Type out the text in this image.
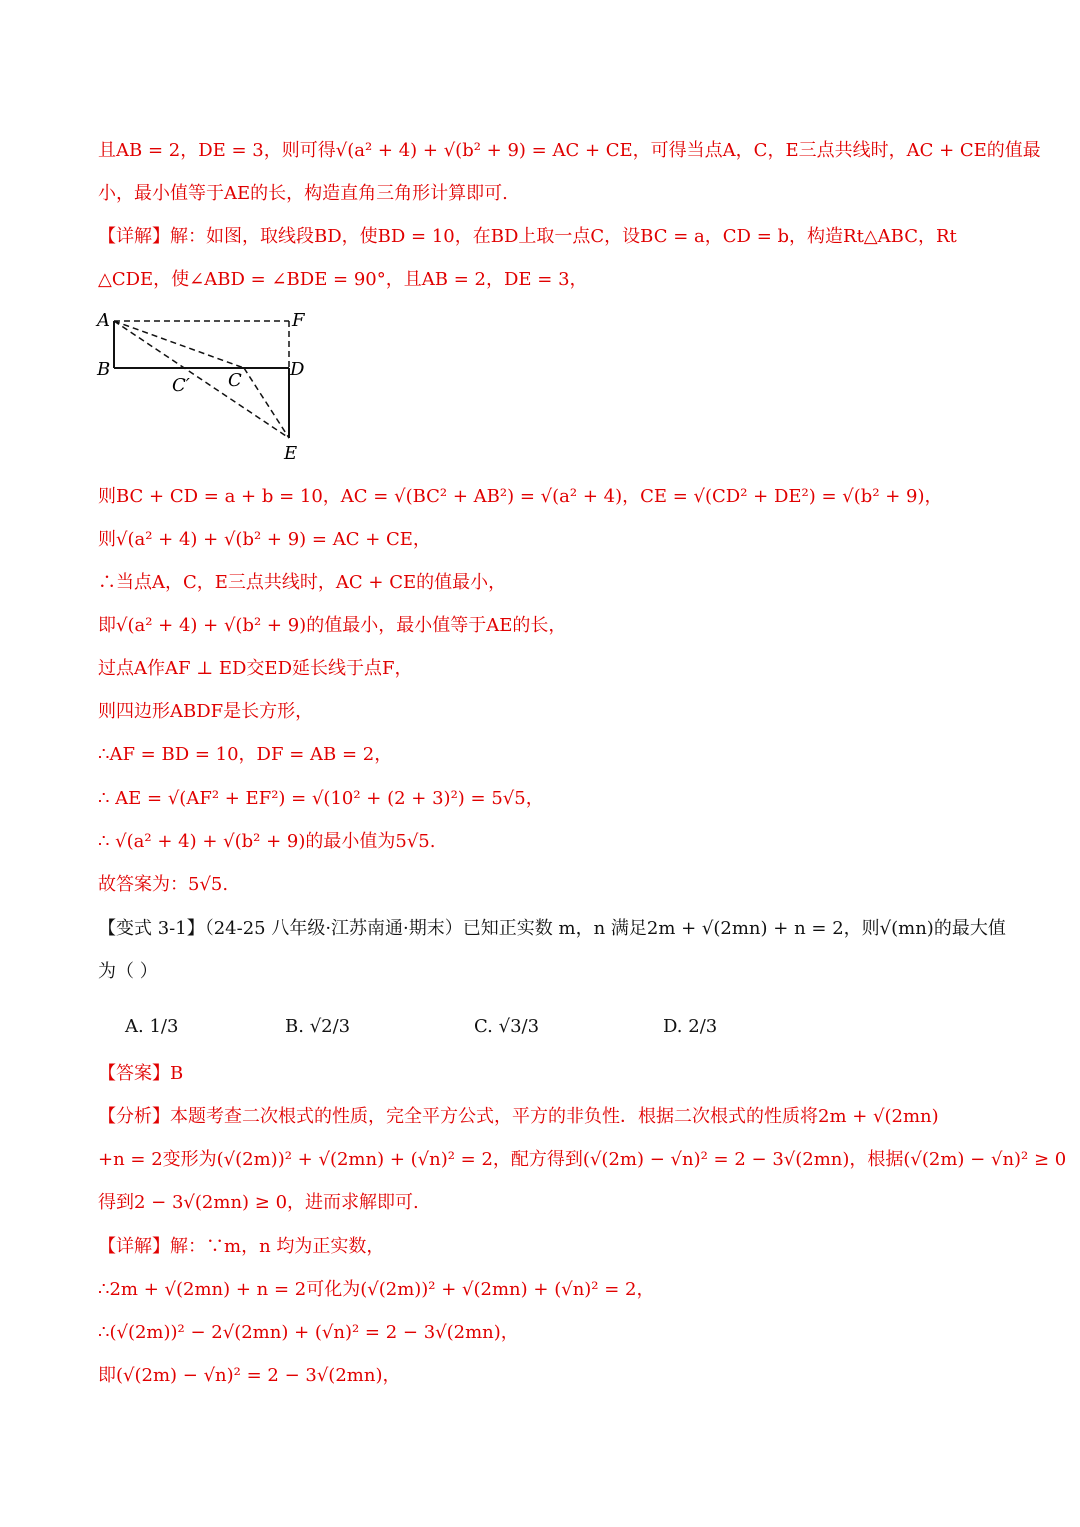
且AB = 2，DE = 3，则可得√(a² + 4) + √(b² + 9) = AC + CE，可得当点A，C，E三点共线时，AC + CE的值最
小，最小值等于AE的长，构造直角三角形计算即可.
【详解】解：如图，取线段BD，使BD = 10，在BD上取一点C，设BC = a，CD = b，构造Rt△ABC，Rt
△CDE，使∠ABD = ∠BDE = 90°，且AB = 2，DE = 3，
A	F
B
C′ C
D
E
则BC + CD = a + b = 10，AC = √(BC² + AB²) = √(a² + 4)，CE = √(CD² + DE²) = √(b² + 9)，
则√(a² + 4) + √(b² + 9) = AC + CE，
∴当点A，C，E三点共线时，AC + CE的值最小，
即√(a² + 4) + √(b² + 9)的值最小，最小值等于AE的长，
过点A作AF ⊥ ED交ED延长线于点F，
则四边形ABDF是长方形，
∴AF = BD = 10，DF = AB = 2，
∴ AE = √(AF² + EF²) = √(10² + (2 + 3)²) = 5√5，
∴ √(a² + 4) + √(b² + 9)的最小值为5√5.
故答案为：5√5.
【变式 3-1】（24-25 八年级·江苏南通·期末）已知正实数 m，n 满足2m + √(2mn) + n = 2，则√(mn)的最大值
为（ ）
A. 1/3	B. √2/3	C. √3/3	D. 2/3
【答案】B
【分析】本题考查二次根式的性质，完全平方公式，平方的非负性．根据二次根式的性质将2m + √(2mn)
+n = 2变形为(√(2m))² + √(2mn) + (√n)² = 2，配方得到(√(2m) − √n)² = 2 − 3√(2mn)，根据(√(2m) − √n)² ≥ 0
得到2 − 3√(2mn) ≥ 0，进而求解即可.
【详解】解：∵m，n 均为正实数，
∴2m + √(2mn) + n = 2可化为(√(2m))² + √(2mn) + (√n)² = 2，
∴(√(2m))² − 2√(2mn) + (√n)² = 2 − 3√(2mn)，
即(√(2m) − √n)² = 2 − 3√(2mn)，
